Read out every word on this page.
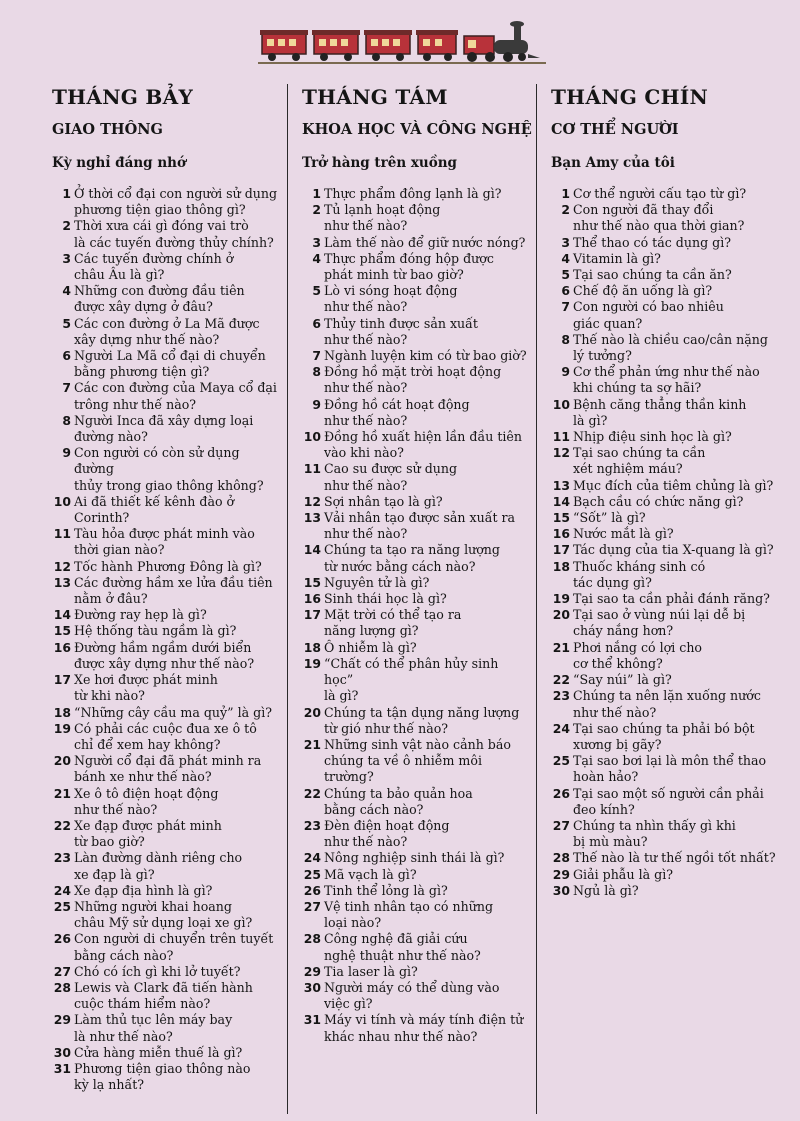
THÁNG BẢY
GIAO THÔNG
Kỳ nghỉ đáng nhớ
1 Ở thời cổ đại con người sử dụng
phương tiện giao thông gì?
2 Thời xưa cái gì đóng vai trò
là các tuyến đường thủy chính?
3 Các tuyến đường chính ở
châu Âu là gì?
4 Những con đường đầu tiên
được xây dựng ở đâu?
5 Các con đường ở La Mã được
xây dựng như thế nào?
6 Người La Mã cổ đại di chuyển
bằng phương tiện gì?
7 Các con đường của Maya cổ đại
trông như thế nào?
8 Người Inca đã xây dựng loại
đường nào?
9 Con người có còn sử dụng đường
thủy trong giao thông không?
10 Ai đã thiết kế kênh đào ở
Corinth?
11 Tàu hỏa được phát minh vào
thời gian nào?
12 Tốc hành Phương Đông là gì?
13 Các đường hầm xe lửa đầu tiên
nằm ở đâu?
14 Đường ray hẹp là gì?
15 Hệ thống tàu ngầm là gì?
16 Đường hầm ngầm dưới biển
được xây dựng như thế nào?
17 Xe hơi được phát minh
từ khi nào?
18 “Những cây cầu ma quỷ” là gì?
19 Có phải các cuộc đua xe ô tô
chỉ để xem hay không?
20 Người cổ đại đã phát minh ra
bánh xe như thế nào?
21 Xe ô tô điện hoạt động
như thế nào?
22 Xe đạp được phát minh
từ bao giờ?
23 Làn đường dành riêng cho
xe đạp là gì?
24 Xe đạp địa hình là gì?
25 Những người khai hoang
châu Mỹ sử dụng loại xe gì?
26 Con người di chuyển trên tuyết
bằng cách nào?
27 Chó có ích gì khi lở tuyết?
28 Lewis và Clark đã tiến hành
cuộc thám hiểm nào?
29 Làm thủ tục lên máy bay
là như thế nào?
30 Cửa hàng miễn thuế là gì?
31 Phương tiện giao thông nào
kỳ lạ nhất?
THÁNG TÁM
KHOA HỌC VÀ CÔNG NGHỆ
Trở hàng trên xuồng
1 Thực phẩm đông lạnh là gì?
2 Tủ lạnh hoạt động
như thế nào?
3 Làm thế nào để giữ nước nóng?
4 Thực phẩm đóng hộp được
phát minh từ bao giờ?
5 Lò vi sóng hoạt động
như thế nào?
6 Thủy tinh được sản xuất
như thế nào?
7 Ngành luyện kim có từ bao giờ?
8 Đồng hồ mặt trời hoạt động
như thế nào?
9 Đồng hồ cát hoạt động
như thế nào?
10 Đồng hồ xuất hiện lần đầu tiên
vào khi nào?
11 Cao su được sử dụng
như thế nào?
12 Sợi nhân tạo là gì?
13 Vải nhân tạo được sản xuất ra
như thế nào?
14 Chúng ta tạo ra năng lượng
từ nước bằng cách nào?
15 Nguyên tử là gì?
16 Sinh thái học là gì?
17 Mặt trời có thể tạo ra
năng lượng gì?
18 Ô nhiễm là gì?
19 “Chất có thể phân hủy sinh học”
là gì?
20 Chúng ta tận dụng năng lượng
từ gió như thế nào?
21 Những sinh vật nào cảnh báo
chúng ta về ô nhiễm môi trường?
22 Chúng ta bảo quản hoa
bằng cách nào?
23 Đèn điện hoạt động
như thế nào?
24 Nông nghiệp sinh thái là gì?
25 Mã vạch là gì?
26 Tinh thể lỏng là gì?
27 Vệ tinh nhân tạo có những
loại nào?
28 Công nghệ đã giải cứu
nghệ thuật như thế nào?
29 Tia laser là gì?
30 Người máy có thể dùng vào
việc gì?
31 Máy vi tính và máy tính điện tử
khác nhau như thế nào?
THÁNG CHÍN
CƠ THỂ NGƯỜI
Bạn Amy của tôi
1 Cơ thể người cấu tạo từ gì?
2 Con người đã thay đổi
như thế nào qua thời gian?
3 Thể thao có tác dụng gì?
4 Vitamin là gì?
5 Tại sao chúng ta cần ăn?
6 Chế độ ăn uống là gì?
7 Con người có bao nhiêu
giác quan?
8 Thế nào là chiều cao/cân nặng
lý tưởng?
9 Cơ thể phản ứng như thế nào
khi chúng ta sợ hãi?
10 Bệnh căng thẳng thần kinh
là gì?
11 Nhịp điệu sinh học là gì?
12 Tại sao chúng ta cần
xét nghiệm máu?
13 Mục đích của tiêm chủng là gì?
14 Bạch cầu có chức năng gì?
15 “Sốt” là gì?
16 Nước mắt là gì?
17 Tác dụng của tia X-quang là gì?
18 Thuốc kháng sinh có
tác dụng gì?
19 Tại sao ta cần phải đánh răng?
20 Tại sao ở vùng núi lại dễ bị
cháy nắng hơn?
21 Phơi nắng có lợi cho
cơ thể không?
22 “Say núi” là gì?
23 Chúng ta nên lặn xuống nước
như thế nào?
24 Tại sao chúng ta phải bó bột
xương bị gãy?
25 Tại sao bơi lại là môn thể thao
hoàn hảo?
26 Tại sao một số người cần phải
đeo kính?
27 Chúng ta nhìn thấy gì khi
bị mù màu?
28 Thế nào là tư thế ngồi tốt nhất?
29 Giải phẫu là gì?
30 Ngủ là gì?
